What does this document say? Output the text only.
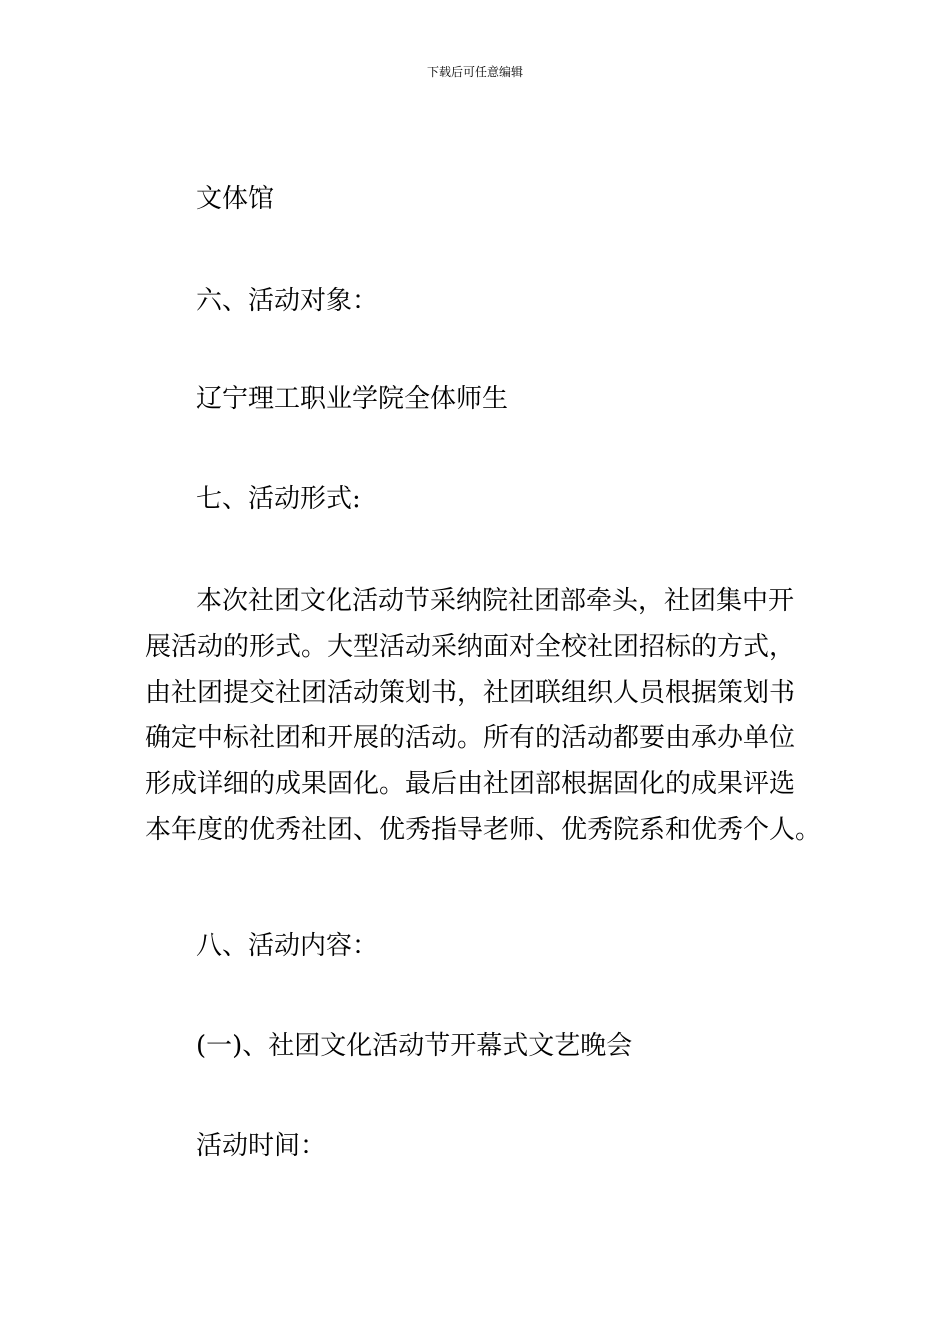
下载后可任意编辑
文体馆
六、活动对象：
辽宁理工职业学院全体师生
七、活动形式:
本次社团文化活动节采纳院社团部牵头，社团集中开
展活动的形式。大型活动采纳面对全校社团招标的方式，
由社团提交社团活动策划书，社团联组织人员根据策划书
确定中标社团和开展的活动。所有的活动都要由承办单位
形成详细的成果固化。最后由社团部根据固化的成果评选
本年度的优秀社团、优秀指导老师、优秀院系和优秀个人。
八、活动内容：
(一)、社团文化活动节开幕式文艺晚会
活动时间：
